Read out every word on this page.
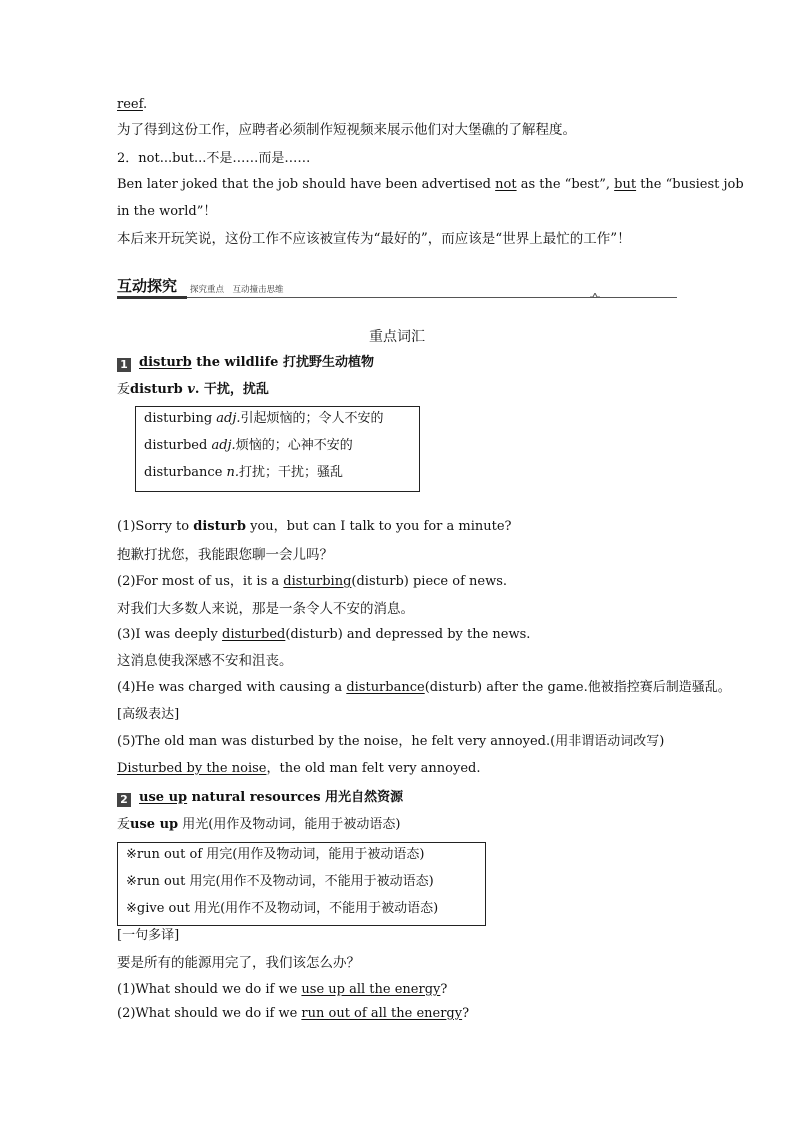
reef.
为了得到这份工作，应聘者必须制作短视频来展示他们对大堡礁的了解程度。
2．not...but...不是……而是……
Ben later joked that the job should have been advertised not as the “best”, but the “busiest job
in the world”！
本后来开玩笑说，这份工作不应该被宣传为“最好的”，而应该是“世界上最忙的工作”！
互动探究 探究重点　互动撞击思维
重点词汇
1 disturb the wildlife 打扰野生动植物
叐disturb v. 干扰，扰乱
disturbing adj.引起烦恼的；令人不安的
disturbed adj.烦恼的；心神不安的
disturbance n.打扰；干扰；骚乱
(1)Sorry to disturb you，but can I talk to you for a minute?
抱歉打扰您，我能跟您聊一会儿吗？
(2)For most of us，it is a disturbing(disturb) piece of news.
对我们大多数人来说，那是一条令人不安的消息。
(3)I was deeply disturbed(disturb) and depressed by the news.
这消息使我深感不安和沮丧。
(4)He was charged with causing a disturbance(disturb) after the game.他被指控赛后制造骚乱。
[高级表达]
(5)The old man was disturbed by the noise，he felt very annoyed.(用非谓语动词改写)
Disturbed by the noise，the old man felt very annoyed.
2 use up natural resources 用光自然资源
叐use up 用光(用作及物动词，能用于被动语态)
※run out of 用完(用作及物动词，能用于被动语态)
※run out 用完(用作不及物动词，不能用于被动语态)
※give out 用光(用作不及物动词，不能用于被动语态)
[一句多译]
要是所有的能源用完了，我们该怎么办？
(1)What should we do if we use up all the energy?
(2)What should we do if we run out of all the energy?
